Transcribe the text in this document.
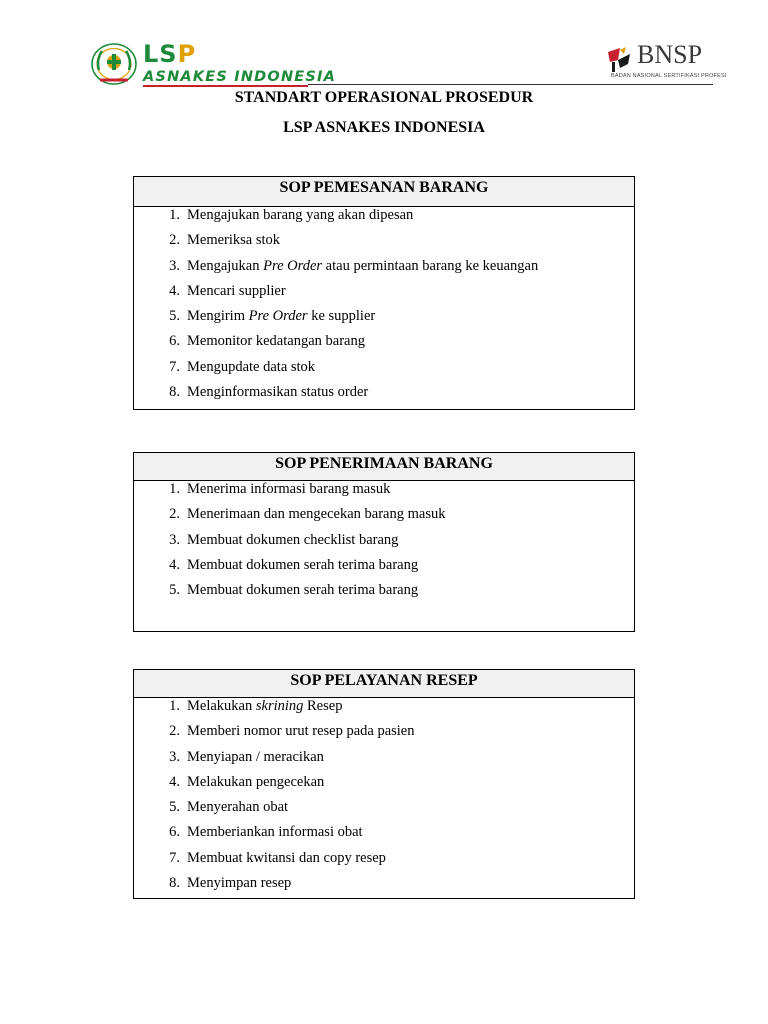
LSP
ASNAKES INDONESIA
BNSP
BADAN NASIONAL SERTIFIKASI PROFESI
STANDART OPERASIONAL PROSEDUR
LSP ASNAKES INDONESIA
SOP PEMESANAN BARANG
1. Mengajukan barang yang akan dipesan
2. Memeriksa stok
3. Mengajukan Pre Order atau permintaan barang ke keuangan
4. Mencari supplier
5. Mengirim Pre Order ke supplier
6. Memonitor kedatangan barang
7. Mengupdate data stok
8. Menginformasikan status order
SOP PENERIMAAN BARANG
1. Menerima informasi barang masuk
2. Menerimaan dan mengecekan barang masuk
3. Membuat dokumen checklist barang
4. Membuat dokumen serah terima barang
5. Membuat dokumen serah terima barang
SOP PELAYANAN RESEP
1. Melakukan skrining Resep
2. Memberi nomor urut resep pada pasien
3. Menyiapan / meracikan
4. Melakukan pengecekan
5. Menyerahan obat
6. Memberiankan informasi obat
7. Membuat kwitansi dan copy resep
8. Menyimpan resep
